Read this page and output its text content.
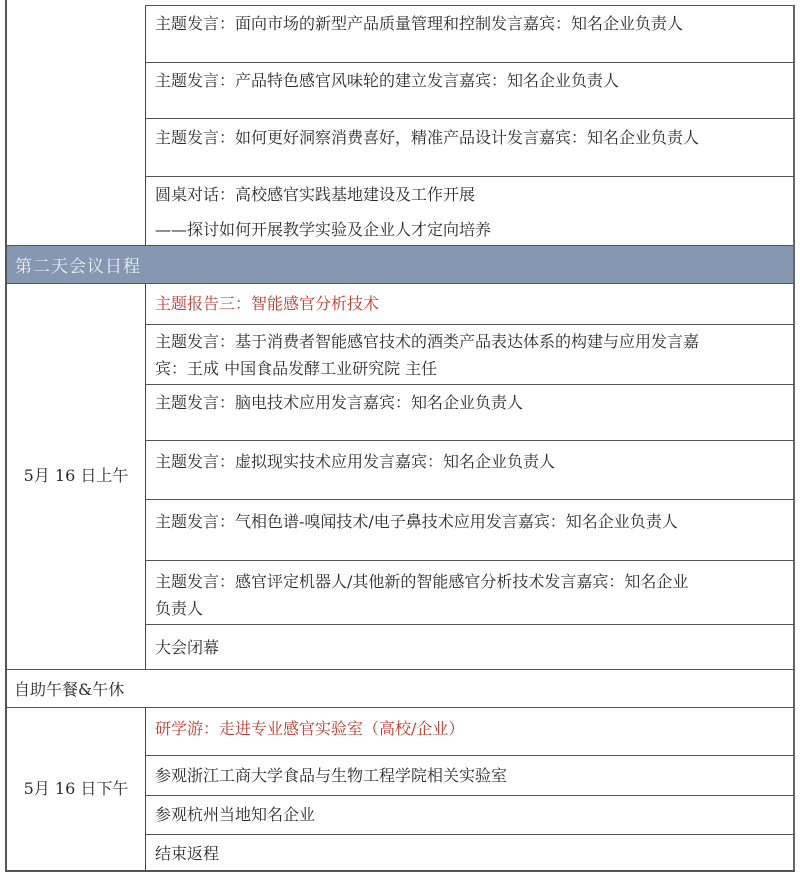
主题发言：面向市场的新型产品质量管理和控制发言嘉宾：知名企业负责人
主题发言：产品特色感官风味轮的建立发言嘉宾：知名企业负责人
主题发言：如何更好洞察消费喜好，精准产品设计发言嘉宾：知名企业负责人
圆桌对话：高校感官实践基地建设及工作开展
——探讨如何开展教学实验及企业人才定向培养
第二天会议日程
5月 16 日上午
主题报告三：智能感官分析技术
主题发言：基于消费者智能感官技术的酒类产品表达体系的构建与应用发言嘉
宾：王成 中国食品发酵工业研究院 主任
主题发言：脑电技术应用发言嘉宾：知名企业负责人
主题发言：虚拟现实技术应用发言嘉宾：知名企业负责人
主题发言：气相色谱-嗅闻技术/电子鼻技术应用发言嘉宾：知名企业负责人
主题发言：感官评定机器人/其他新的智能感官分析技术发言嘉宾：知名企业
负责人
大会闭幕
自助午餐&午休
5月 16 日下午
研学游：走进专业感官实验室（高校/企业）
参观浙江工商大学食品与生物工程学院相关实验室
参观杭州当地知名企业
结束返程
